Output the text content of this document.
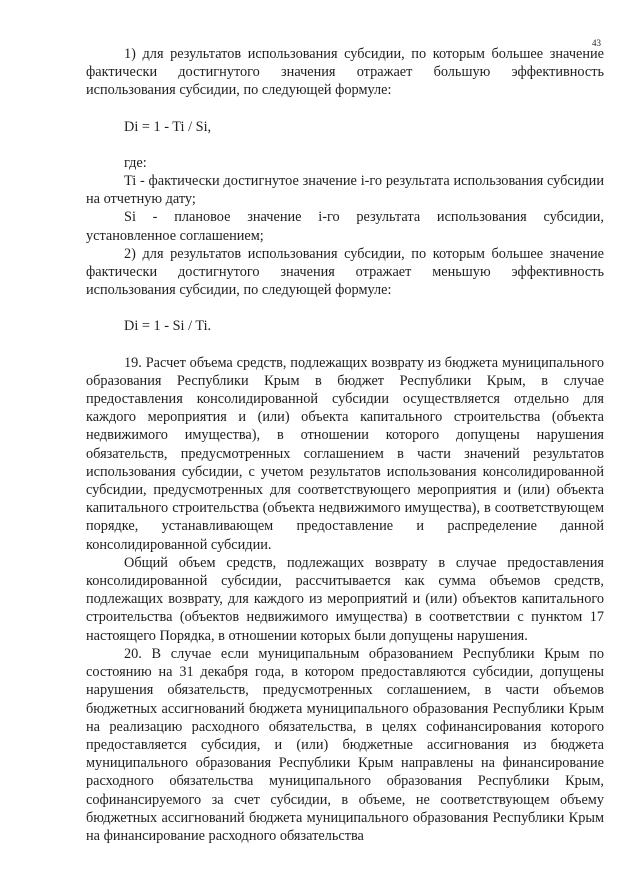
43

1) для результатов использования субсидии, по которым большее значение фактически достигнутого значения отражает большую эффективность использования субсидии, по следующей формуле:

Di = 1 - Ti / Si,

где:

Ti - фактически достигнутое значение i-го результата использования субсидии на отчетную дату;

Si - плановое значение i-го результата использования субсидии, установленное соглашением;

2) для результатов использования субсидии, по которым большее значение фактически достигнутого значения отражает меньшую эффективность использования субсидии, по следующей формуле:

Di = 1 - Si / Ti.

19. Расчет объема средств, подлежащих возврату из бюджета муниципального образования Республики Крым в бюджет Республики Крым, в случае предоставления консолидированной субсидии осуществляется отдельно для каждого мероприятия и (или) объекта капитального строительства (объекта недвижимого имущества), в отношении которого допущены нарушения обязательств, предусмотренных соглашением в части значений результатов использования субсидии, с учетом результатов использования консолидированной субсидии, предусмотренных для соответствующего мероприятия и (или) объекта капитального строительства (объекта недвижимого имущества), в соответствующем порядке, устанавливающем предоставление и распределение данной консолидированной субсидии.

Общий объем средств, подлежащих возврату в случае предоставления консолидированной субсидии, рассчитывается как сумма объемов средств, подлежащих возврату, для каждого из мероприятий и (или) объектов капитального строительства (объектов недвижимого имущества) в соответствии с пунктом 17 настоящего Порядка, в отношении которых были допущены нарушения.

20. В случае если муниципальным образованием Республики Крым по состоянию на 31 декабря года, в котором предоставляются субсидии, допущены нарушения обязательств, предусмотренных соглашением, в части объемов бюджетных ассигнований бюджета муниципального образования Республики Крым на реализацию расходного обязательства, в целях софинансирования которого предоставляется субсидия, и (или) бюджетные ассигнования из бюджета муниципального образования Республики Крым направлены на финансирование расходного обязательства муниципального образования Республики Крым, софинансируемого за счет субсидии, в объеме, не соответствующем объему бюджетных ассигнований бюджета муниципального образования Республики Крым на финансирование расходного обязательства
